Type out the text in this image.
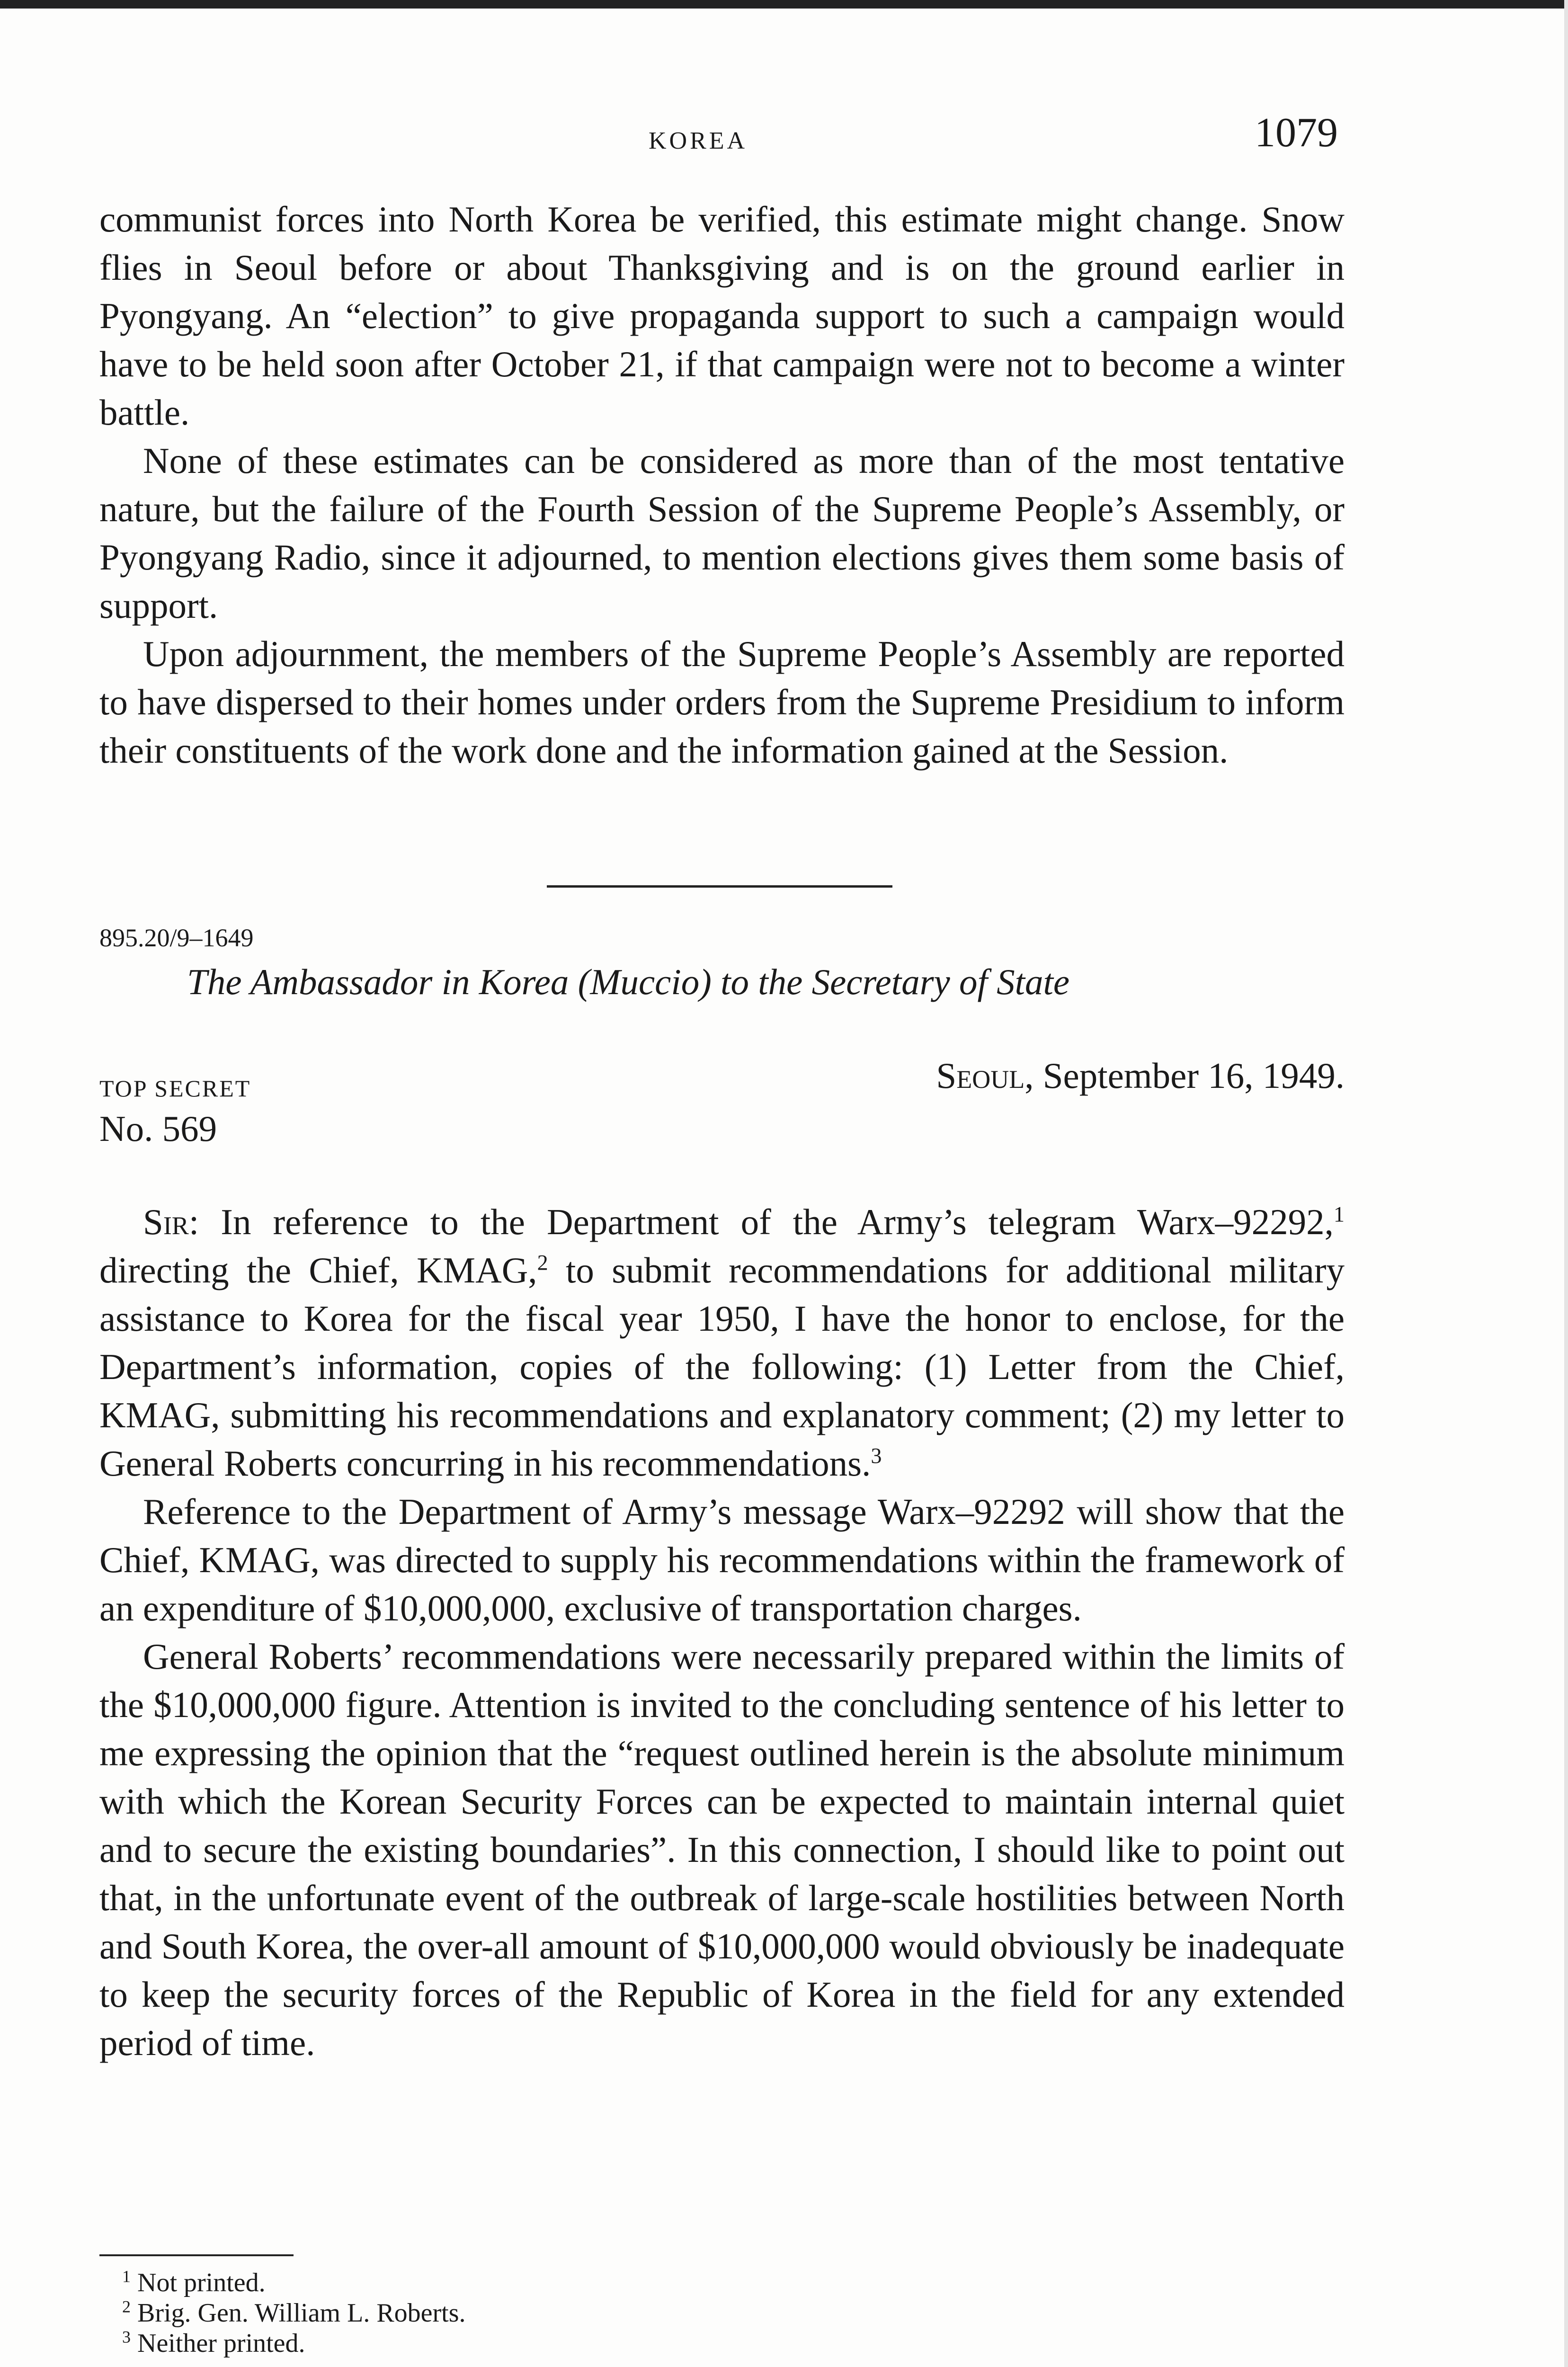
KOREA	1079

communist forces into North Korea be verified, this estimate might change. Snow flies in Seoul before or about Thanksgiving and is on the ground earlier in Pyongyang. An “election” to give propaganda support to such a campaign would have to be held soon after October 21, if that campaign were not to become a winter battle.

None of these estimates can be considered as more than of the most tentative nature, but the failure of the Fourth Session of the Supreme People’s Assembly, or Pyongyang Radio, since it adjourned, to mention elections gives them some basis of support.

Upon adjournment, the members of the Supreme People’s Assembly are reported to have dispersed to their homes under orders from the Supreme Presidium to inform their constituents of the work done and the information gained at the Session.

895.20/9–1649
The Ambassador in Korea (Muccio) to the Secretary of State
TOP SECRET	Seoul, September 16, 1949.
No. 569

Sir: In reference to the Department of the Army’s telegram Warx–92292,$^1$ directing the Chief, KMAG,$^2$ to submit recommendations for additional military assistance to Korea for the fiscal year 1950, I have the honor to enclose, for the Department’s information, copies of the following: (1) Letter from the Chief, KMAG, submitting his recommendations and explanatory comment; (2) my letter to General Roberts concurring in his recommendations.$^3$

Reference to the Department of Army’s message Warx–92292 will show that the Chief, KMAG, was directed to supply his recommendations within the framework of an expenditure of $10,000,000, exclusive of transportation charges.

General Roberts’ recommendations were necessarily prepared within the limits of the $10,000,000 figure. Attention is invited to the concluding sentence of his letter to me expressing the opinion that the “request outlined herein is the absolute minimum with which the Korean Security Forces can be expected to maintain internal quiet and to secure the existing boundaries”. In this connection, I should like to point out that, in the unfortunate event of the outbreak of large-scale hostilities between North and South Korea, the over-all amount of $10,000,000 would obviously be inadequate to keep the security forces of the Republic of Korea in the field for any extended period of time.

$^1$ Not printed.
$^2$ Brig. Gen. William L. Roberts.
$^3$ Neither printed.
